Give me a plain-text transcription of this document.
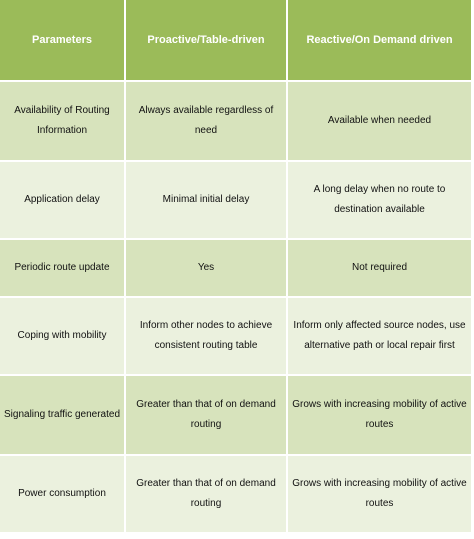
Parameters	Proactive/Table-driven	Reactive/On Demand driven
Availability of Routing Information	Always available regardless of need	Available when needed
Application delay	Minimal initial delay	A long delay when no route to destination available
Periodic route update	Yes	Not required
Coping with mobility	Inform other nodes to achieve consistent routing table	Inform only affected source nodes, use alternative path or local repair first
Signaling traffic generated	Greater than that of on demand routing	Grows with increasing mobility of active routes
Power consumption	Greater than that of on demand routing	Grows with increasing mobility of active routes
